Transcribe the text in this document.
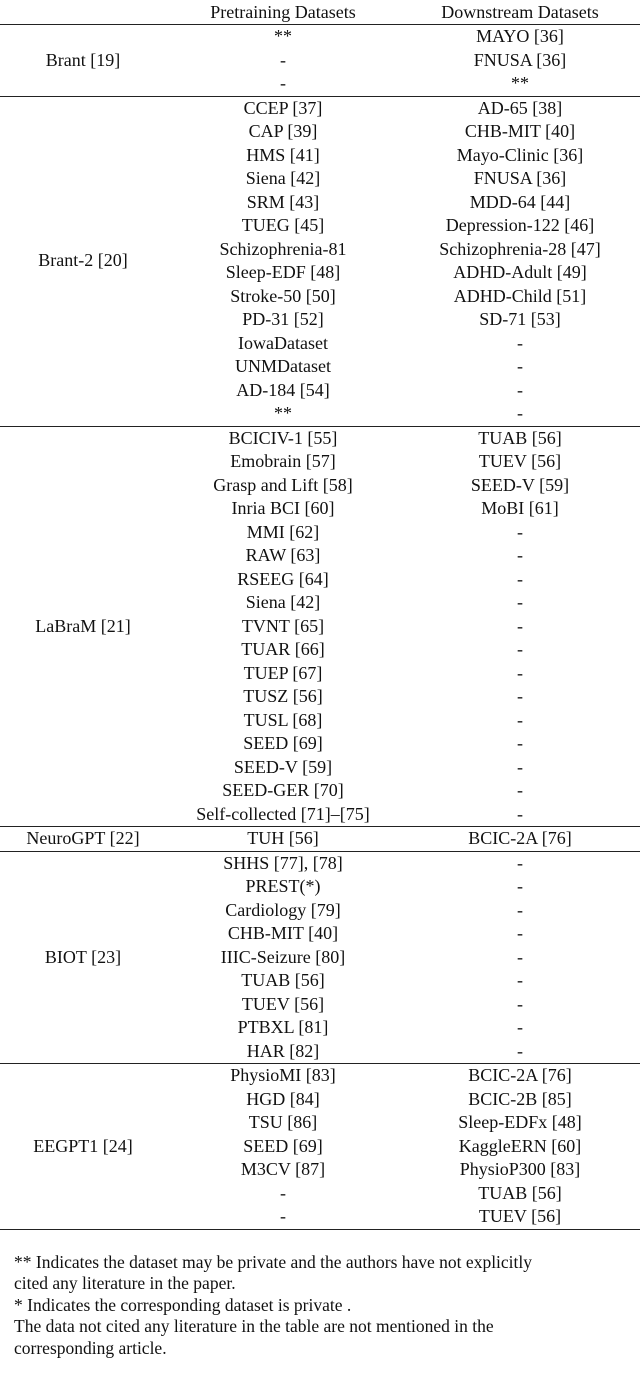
	Pretraining Datasets	Downstream Datasets
Brant [19]	**	MAYO [36]
	-	FNUSA [36]
	-	**
Brant-2 [20]	CCEP [37]	AD-65 [38]
	CAP [39]	CHB-MIT [40]
	HMS [41]	Mayo-Clinic [36]
	Siena [42]	FNUSA [36]
	SRM [43]	MDD-64 [44]
	TUEG [45]	Depression-122 [46]
	Schizophrenia-81	Schizophrenia-28 [47]
	Sleep-EDF [48]	ADHD-Adult [49]
	Stroke-50 [50]	ADHD-Child [51]
	PD-31 [52]	SD-71 [53]
	IowaDataset	-
	UNMDataset	-
	AD-184 [54]	-
	**	-
LaBraM [21]	BCICIV-1 [55]	TUAB [56]
	Emobrain [57]	TUEV [56]
	Grasp and Lift [58]	SEED-V [59]
	Inria BCI [60]	MoBI [61]
	MMI [62]	-
	RAW [63]	-
	RSEEG [64]	-
	Siena [42]	-
	TVNT [65]	-
	TUAR [66]	-
	TUEP [67]	-
	TUSZ [56]	-
	TUSL [68]	-
	SEED [69]	-
	SEED-V [59]	-
	SEED-GER [70]	-
	Self-collected [71]–[75]	-
NeuroGPT [22]	TUH [56]	BCIC-2A [76]
BIOT [23]	SHHS [77], [78]	-
	PREST(*)	-
	Cardiology [79]	-
	CHB-MIT [40]	-
	IIIC-Seizure [80]	-
	TUAB [56]	-
	TUEV [56]	-
	PTBXL [81]	-
	HAR [82]	-
EEGPT1 [24]	PhysioMI [83]	BCIC-2A [76]
	HGD [84]	BCIC-2B [85]
	TSU [86]	Sleep-EDFx [48]
	SEED [69]	KaggleERN [60]
	M3CV [87]	PhysioP300 [83]
	-	TUAB [56]
	-	TUEV [56]

** Indicates the dataset may be private and the authors have not explicitly

cited any literature in the paper.

* Indicates the corresponding dataset is private .

The data not cited any literature in the table are not mentioned in the

corresponding article.
